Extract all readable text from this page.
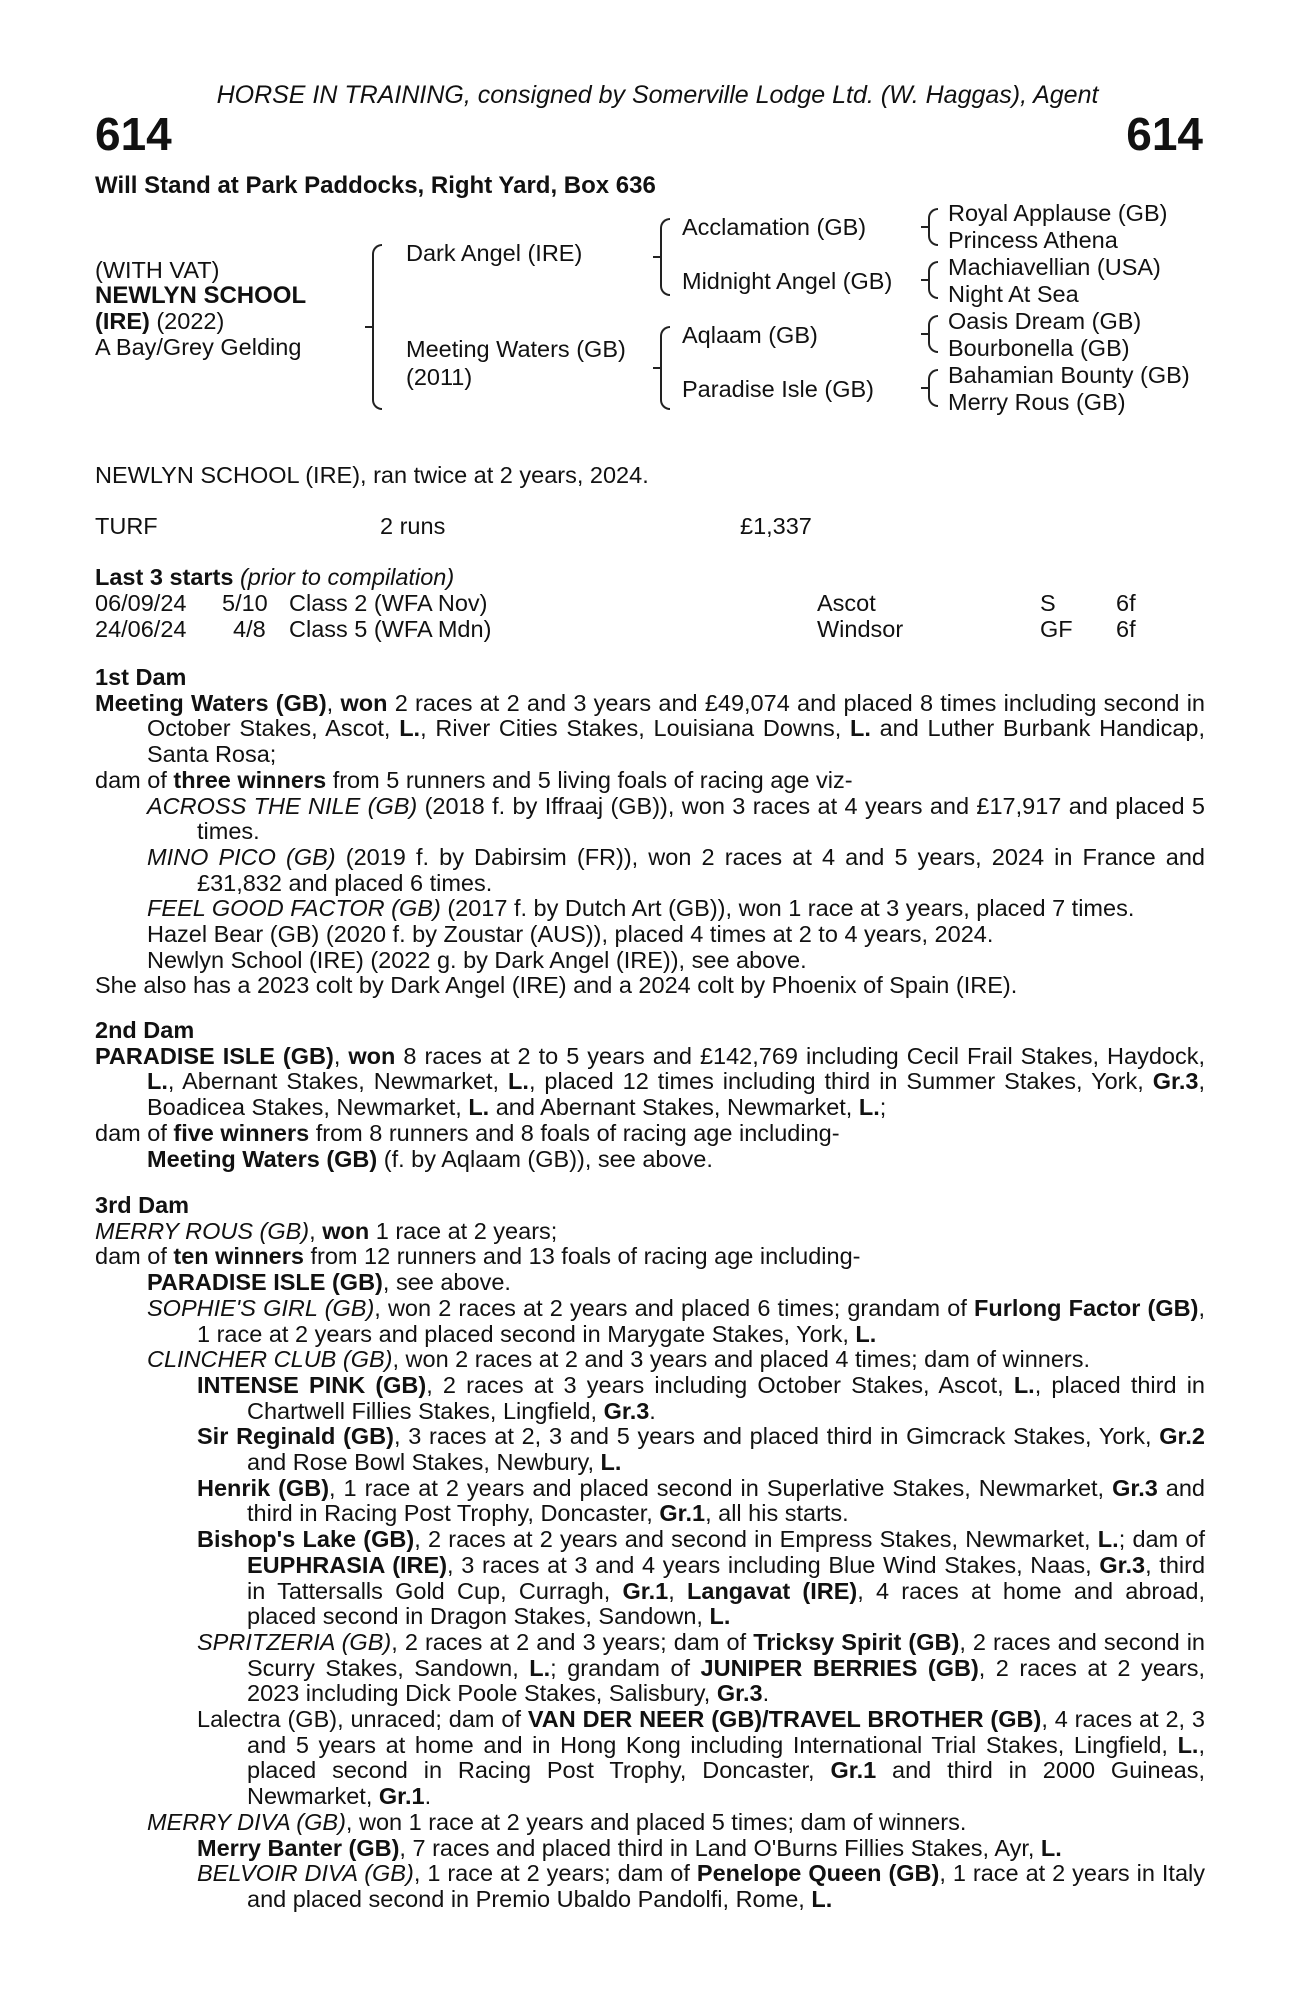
HORSE IN TRAINING, consigned by Somerville Lodge Ltd. (W. Haggas), Agent
614	614
Will Stand at Park Paddocks, Right Yard, Box 636
(WITH VAT)
NEWLYN SCHOOL
(IRE) (2022)
A Bay/Grey Gelding
Dark Angel (IRE)
Meeting Waters (GB)
(2011)
Acclamation (GB)
Midnight Angel (GB)
Aqlaam (GB)
Paradise Isle (GB)
Royal Applause (GB)
Princess Athena
Machiavellian (USA)
Night At Sea
Oasis Dream (GB)
Bourbonella (GB)
Bahamian Bounty (GB)
Merry Rous (GB)
NEWLYN SCHOOL (IRE), ran twice at 2 years, 2024.
TURF	2 runs	£1,337
Last 3 starts (prior to compilation)
06/09/24 5/10 Class 2 (WFA Nov)	Ascot	S	6f
24/06/24 4/8 Class 5 (WFA Mdn)	Windsor	GF 6f

1st Dam

Meeting Waters (GB), won 2 races at 2 and 3 years and £49,074 and placed 8 times including second in October Stakes, Ascot, L., River Cities Stakes, Louisiana Downs, L. and Luther Burbank Handicap, Santa Rosa;

dam of three winners from 5 runners and 5 living foals of racing age viz-

ACROSS THE NILE (GB) (2018 f. by Iffraaj (GB)), won 3 races at 4 years and £17,917 and placed 5 times.

MINO PICO (GB) (2019 f. by Dabirsim (FR)), won 2 races at 4 and 5 years, 2024 in France and £31,832 and placed 6 times.

FEEL GOOD FACTOR (GB) (2017 f. by Dutch Art (GB)), won 1 race at 3 years, placed 7 times.

Hazel Bear (GB) (2020 f. by Zoustar (AUS)), placed 4 times at 2 to 4 years, 2024.

Newlyn School (IRE) (2022 g. by Dark Angel (IRE)), see above.

She also has a 2023 colt by Dark Angel (IRE) and a 2024 colt by Phoenix of Spain (IRE).

2nd Dam

PARADISE ISLE (GB), won 8 races at 2 to 5 years and £142,769 including Cecil Frail Stakes, Haydock, L., Abernant Stakes, Newmarket, L., placed 12 times including third in Summer Stakes, York, Gr.3, Boadicea Stakes, Newmarket, L. and Abernant Stakes, Newmarket, L.;

dam of five winners from 8 runners and 8 foals of racing age including-

Meeting Waters (GB) (f. by Aqlaam (GB)), see above.

3rd Dam

MERRY ROUS (GB), won 1 race at 2 years;

dam of ten winners from 12 runners and 13 foals of racing age including-

PARADISE ISLE (GB), see above.

SOPHIE'S GIRL (GB), won 2 races at 2 years and placed 6 times; grandam of Furlong Factor (GB), 1 race at 2 years and placed second in Marygate Stakes, York, L.

CLINCHER CLUB (GB), won 2 races at 2 and 3 years and placed 4 times; dam of winners.

INTENSE PINK (GB), 2 races at 3 years including October Stakes, Ascot, L., placed third in Chartwell Fillies Stakes, Lingfield, Gr.3.

Sir Reginald (GB), 3 races at 2, 3 and 5 years and placed third in Gimcrack Stakes, York, Gr.2 and Rose Bowl Stakes, Newbury, L.

Henrik (GB), 1 race at 2 years and placed second in Superlative Stakes, Newmarket, Gr.3 and third in Racing Post Trophy, Doncaster, Gr.1, all his starts.

Bishop's Lake (GB), 2 races at 2 years and second in Empress Stakes, Newmarket, L.; dam of EUPHRASIA (IRE), 3 races at 3 and 4 years including Blue Wind Stakes, Naas, Gr.3, third in Tattersalls Gold Cup, Curragh, Gr.1, Langavat (IRE), 4 races at home and abroad, placed second in Dragon Stakes, Sandown, L.

SPRITZERIA (GB), 2 races at 2 and 3 years; dam of Tricksy Spirit (GB), 2 races and second in Scurry Stakes, Sandown, L.; grandam of JUNIPER BERRIES (GB), 2 races at 2 years, 2023 including Dick Poole Stakes, Salisbury, Gr.3.

Lalectra (GB), unraced; dam of VAN DER NEER (GB)/TRAVEL BROTHER (GB), 4 races at 2, 3 and 5 years at home and in Hong Kong including International Trial Stakes, Lingfield, L., placed second in Racing Post Trophy, Doncaster, Gr.1 and third in 2000 Guineas, Newmarket, Gr.1.

MERRY DIVA (GB), won 1 race at 2 years and placed 5 times; dam of winners.

Merry Banter (GB), 7 races and placed third in Land O'Burns Fillies Stakes, Ayr, L.

BELVOIR DIVA (GB), 1 race at 2 years; dam of Penelope Queen (GB), 1 race at 2 years in Italy and placed second in Premio Ubaldo Pandolfi, Rome, L.
